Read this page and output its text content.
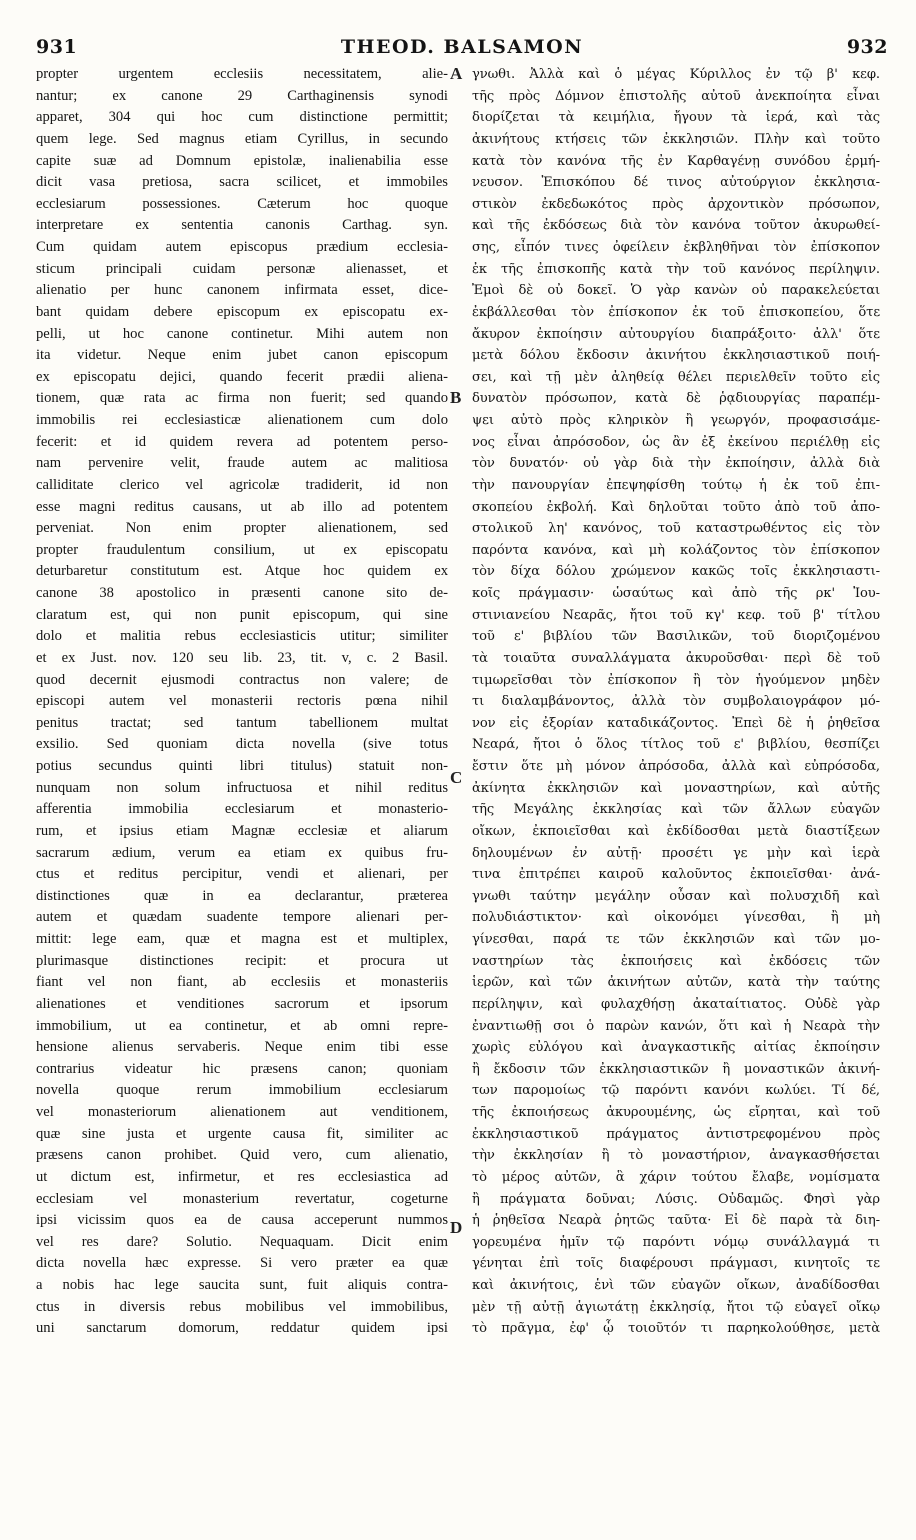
931	THEOD. BALSAMON	932
propter urgentem ecclesiis necessitatem, alie-
nantur; ex canone 29 Carthaginensis synodi
apparet, 304 qui hoc cum distinctione permittit;
quem lege. Sed magnus etiam Cyrillus, in secundo
capite suæ ad Domnum epistolæ, inalienabilia esse
dicit vasa pretiosa, sacra scilicet, et immobiles
ecclesiarum possessiones. Cæterum hoc quoque
interpretare ex sententia canonis Carthag. syn.
Cum quidam autem episcopus prædium ecclesia-
sticum principali cuidam personæ alienasset, et
alienatio per hunc canonem infirmata esset, dice-
bant quidam debere episcopum ex episcopatu ex-
pelli, ut hoc canone continetur. Mihi autem non
ita videtur. Neque enim jubet canon episcopum
ex episcopatu dejici, quando fecerit prædii aliena-
tionem, quæ rata ac firma non fuerit; sed quando
immobilis rei ecclesiasticæ alienationem cum dolo
fecerit: et id quidem revera ad potentem perso-
nam pervenire velit, fraude autem ac malitiosa
calliditate clerico vel agricolæ tradiderit, id non
esse magni reditus causans, ut ab illo ad potentem
perveniat. Non enim propter alienationem, sed
propter fraudulentum consilium, ut ex episcopatu
deturbaretur constitutum est. Atque hoc quidem ex
canone 38 apostolico in præsenti canone sito de-
claratum est, qui non punit episcopum, qui sine
dolo et malitia rebus ecclesiasticis utitur; similiter
et ex Just. nov. 120 seu lib. 23, tit. v, c. 2 Basil.
quod decernit ejusmodi contractus non valere; de
episcopi autem vel monasterii rectoris pœna nihil
penitus tractat; sed tantum tabellionem multat
exsilio. Sed quoniam dicta novella (sive totus
potius secundus quinti libri titulus) statuit non-
nunquam non solum infructuosa et nihil reditus
afferentia immobilia ecclesiarum et monasterio-
rum, et ipsius etiam Magnæ ecclesiæ et aliarum
sacrarum ædium, verum ea etiam ex quibus fru-
ctus et reditus percipitur, vendi et alienari, per
distinctiones quæ in ea declarantur, præterea
autem et quædam suadente tempore alienari per-
mittit: lege eam, quæ et magna est et multiplex,
plurimasque distinctiones recipit: et procura ut
fiant vel non fiant, ab ecclesiis et monasteriis
alienationes et venditiones sacrorum et ipsorum
immobilium, ut ea continetur, et ab omni repre-
hensione alienus servaberis. Neque enim tibi esse
contrarius videatur hic præsens canon; quoniam
novella quoque rerum immobilium ecclesiarum
vel monasteriorum alienationem aut venditionem,
quæ sine justa et urgente causa fit, similiter ac
præsens canon prohibet. Quid vero, cum alienatio,
ut dictum est, infirmetur, et res ecclesiastica ad
ecclesiam vel monasterium revertatur, cogeturne
ipsi vicissim quos ea de causa acceperunt nummos
vel res dare? Solutio. Nequaquam. Dicit enim
dicta novella hæc expresse. Si vero præter ea quæ
a nobis hac lege saucita sunt, fuit aliquis contra-
ctus in diversis rebus mobilibus vel immobilibus,
uni sanctarum domorum, reddatur quidem ipsi
γνωθι. Ἀλλὰ καὶ ὁ μέγας Κύριλλος ἐν τῷ β' κεφ.
τῆς πρὸς Δόμνον ἐπιστολῆς αὐτοῦ ἀνεκποίητα εἶναι
διορίζεται τὰ κειμήλια, ἤγουν τὰ ἱερά, καὶ τὰς
ἀκινήτους κτήσεις τῶν ἐκκλησιῶν. Πλὴν καὶ τοῦτο
κατὰ τὸν κανόνα τῆς ἐν Καρθαγένῃ συνόδου ἑρμή-
νευσον. Ἐπισκόπου δέ τινος αὐτούργιον ἐκκλησια-
στικὸν ἐκδεδωκότος πρὸς ἀρχοντικὸν πρόσωπον,
καὶ τῆς ἐκδόσεως διὰ τὸν κανόνα τοῦτον ἀκυρωθεί-
σης, εἶπόν τινες ὀφείλειν ἐκβληθῆναι τὸν ἐπίσκοπον
ἐκ τῆς ἐπισκοπῆς κατὰ τὴν τοῦ κανόνος περίληψιν.
Ἐμοὶ δὲ οὐ δοκεῖ. Ὁ γὰρ κανὼν οὐ παρακελεύεται
ἐκβάλλεσθαι τὸν ἐπίσκοπον ἐκ τοῦ ἐπισκοπείου, ὅτε
ἄκυρον ἐκποίησιν αὐτουργίου διαπράξοιτο· ἀλλ' ὅτε
μετὰ δόλου ἔκδοσιν ἀκινήτου ἐκκλησιαστικοῦ ποιή-
σει, καὶ τῇ μὲν ἀληθείᾳ θέλει περιελθεῖν τοῦτο εἰς
δυνατὸν πρόσωπον, κατὰ δὲ ῥᾳδιουργίας παραπέμ-
ψει αὐτὸ πρὸς κληρικὸν ἢ γεωργόν, προφασισάμε-
νος εἶναι ἀπρόσοδον, ὡς ἂν ἐξ ἐκείνου περιέλθῃ εἰς
τὸν δυνατόν· οὐ γὰρ διὰ τὴν ἐκποίησιν, ἀλλὰ διὰ
τὴν πανουργίαν ἐπεψηφίσθη τούτῳ ἡ ἐκ τοῦ ἐπι-
σκοπείου ἐκβολή. Καὶ δηλοῦται τοῦτο ἀπὸ τοῦ ἀπο-
στολικοῦ λη' κανόνος, τοῦ καταστρωθέντος εἰς τὸν
παρόντα κανόνα, καὶ μὴ κολάζοντος τὸν ἐπίσκοπον
τὸν δίχα δόλου χρώμενον κακῶς τοῖς ἐκκλησιαστι-
κοῖς πράγμασιν· ὡσαύτως καὶ ἀπὸ τῆς ρκ' Ἰου-
στινιανείου Νεαρᾶς, ἤτοι τοῦ κγ' κεφ. τοῦ β' τίτλου
τοῦ ε' βιβλίου τῶν Βασιλικῶν, τοῦ διοριζομένου
τὰ τοιαῦτα συναλλάγματα ἀκυροῦσθαι· περὶ δὲ τοῦ
τιμωρεῖσθαι τὸν ἐπίσκοπον ἢ τὸν ἡγούμενον μηδὲν
τι διαλαμβάνοντος, ἀλλὰ τὸν συμβολαιογράφον μό-
νον εἰς ἐξορίαν καταδικάζοντος. Ἐπεὶ δὲ ἡ ῥηθεῖσα
Νεαρά, ἤτοι ὁ ὅλος τίτλος τοῦ ε' βιβλίου, θεσπίζει
ἔστιν ὅτε μὴ μόνον ἀπρόσοδα, ἀλλὰ καὶ εὐπρόσοδα,
ἀκίνητα ἐκκλησιῶν καὶ μοναστηρίων, καὶ αὐτῆς
τῆς Μεγάλης ἐκκλησίας καὶ τῶν ἄλλων εὐαγῶν
οἴκων, ἐκποιεῖσθαι καὶ ἐκδίδοσθαι μετὰ διαστίξεων
δηλουμένων ἐν αὐτῇ· προσέτι γε μὴν καὶ ἱερὰ
τινα ἐπιτρέπει καιροῦ καλοῦντος ἐκποιεῖσθαι· ἀνά-
γνωθι ταύτην μεγάλην οὖσαν καὶ πολυσχιδῆ καὶ
πολυδιάστικτον· καὶ οἰκονόμει γίνεσθαι, ἢ μὴ
γίνεσθαι, παρά τε τῶν ἐκκλησιῶν καὶ τῶν μο-
ναστηρίων τὰς ἐκποιήσεις καὶ ἐκδόσεις τῶν
ἱερῶν, καὶ τῶν ἀκινήτων αὐτῶν, κατὰ τὴν ταύτης
περίληψιν, καὶ φυλαχθήσῃ ἀκατα​ίτιατος. Οὐδὲ γὰρ
ἐναντιωθῇ σοι ὁ παρὼν κανών, ὅτι καὶ ἡ Νεαρὰ τὴν
χωρὶς εὐλόγου καὶ ἀναγκαστικῆς αἰτίας ἐκποίησιν
ἢ ἔκδοσιν τῶν ἐκκλησιαστικῶν ἢ μοναστικῶν ἀκινή-
των παρομοίως τῷ παρόντι κανόνι κωλύει. Τί δέ,
τῆς ἐκποιήσεως ἀκυρουμένης, ὡς εἴρηται, καὶ τοῦ
ἐκκλησιαστικοῦ πράγματος ἀντιστρεφομένου πρὸς
τὴν ἐκκλησίαν ἢ τὸ μοναστήριον, ἀναγκασθήσεται
τὸ μέρος αὐτῶν, ἃ χάριν τούτου ἔλαβε, νομίσματα
ἢ πράγματα δοῦναι; Λύσις. Οὐδαμῶς. Φησὶ γὰρ
ἡ ῥηθεῖσα Νεαρὰ ῥητῶς ταῦτα· Εἰ δὲ παρὰ τὰ διη-
γορευμένα ἡμῖν τῷ παρόντι νόμῳ συνάλλαγμά τι
γένηται ἐπὶ τοῖς διαφέρουσι πράγμασι, κινητοῖς τε
καὶ ἀκινήτοις, ἑνὶ τῶν εὐαγῶν οἴκων, ἀναδίδοσθαι
μὲν τῇ αὐτῇ ἁγιωτάτῃ ἐκκλησίᾳ, ἤτοι τῷ εὐαγεῖ οἴκῳ
τὸ πρᾶγμα, ἐφ' ᾧ τοιοῦτόν τι παρηκολούθησε, μετὰ
A
B
C
D
